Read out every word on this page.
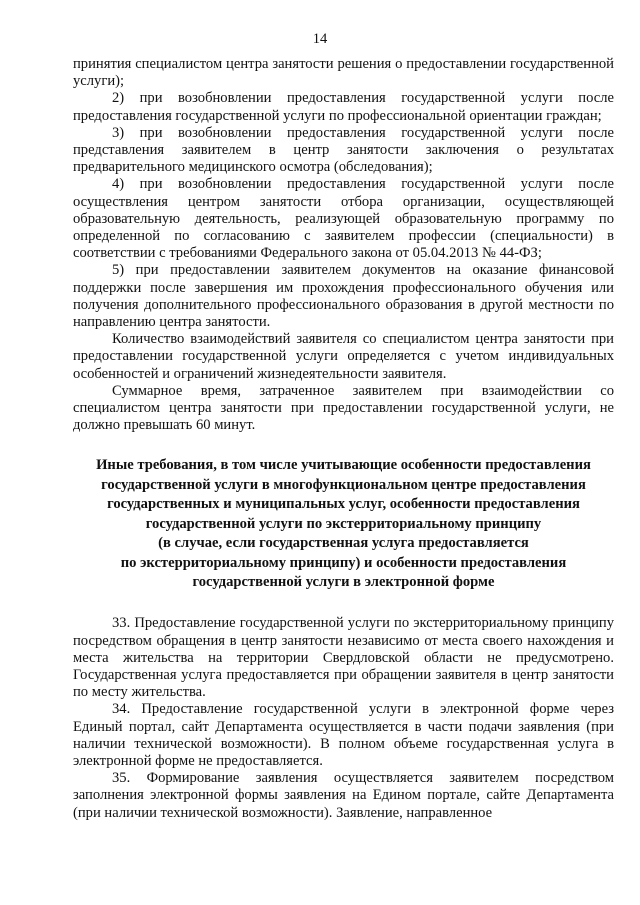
14

принятия специалистом центра занятости решения о предоставлении государственной услуги);

2) при возобновлении предоставления государственной услуги после предоставления государственной услуги по профессиональной ориентации граждан;

3) при возобновлении предоставления государственной услуги после представления заявителем в центр занятости заключения о результатах предварительного медицинского осмотра (обследования);

4) при возобновлении предоставления государственной услуги после осуществления центром занятости отбора организации, осуществляющей образовательную деятельность, реализующей образовательную программу по определенной по согласованию с заявителем профессии (специальности) в соответствии с требованиями Федерального закона от 05.04.2013 № 44-ФЗ;

5) при предоставлении заявителем документов на оказание финансовой поддержки после завершения им прохождения профессионального обучения или получения дополнительного профессионального образования в другой местности по направлению центра занятости.

Количество взаимодействий заявителя со специалистом центра занятости при предоставлении государственной услуги определяется с учетом индивидуальных особенностей и ограничений жизнедеятельности заявителя.

Суммарное время, затраченное заявителем при взаимодействии со специалистом центра занятости при предоставлении государственной услуги, не должно превышать 60 минут.

Иные требования, в том числе учитывающие особенности предоставления
государственной услуги в многофункциональном центре предоставления
государственных и муниципальных услуг, особенности предоставления
государственной услуги по экстерриториальному принципу
(в случае, если государственная услуга предоставляется
по экстерриториальному принципу) и особенности предоставления
государственной услуги в электронной форме

33. Предоставление государственной услуги по экстерриториальному принципу посредством обращения в центр занятости независимо от места своего нахождения и места жительства на территории Свердловской области не предусмотрено. Государственная услуга предоставляется при обращении заявителя в центр занятости по месту жительства.

34. Предоставление государственной услуги в электронной форме через Единый портал, сайт Департамента осуществляется в части подачи заявления (при наличии технической возможности). В полном объеме государственная услуга в электронной форме не предоставляется.

35. Формирование заявления осуществляется заявителем посредством заполнения электронной формы заявления на Едином портале, сайте Департамента (при наличии технической возможности). Заявление, направленное
